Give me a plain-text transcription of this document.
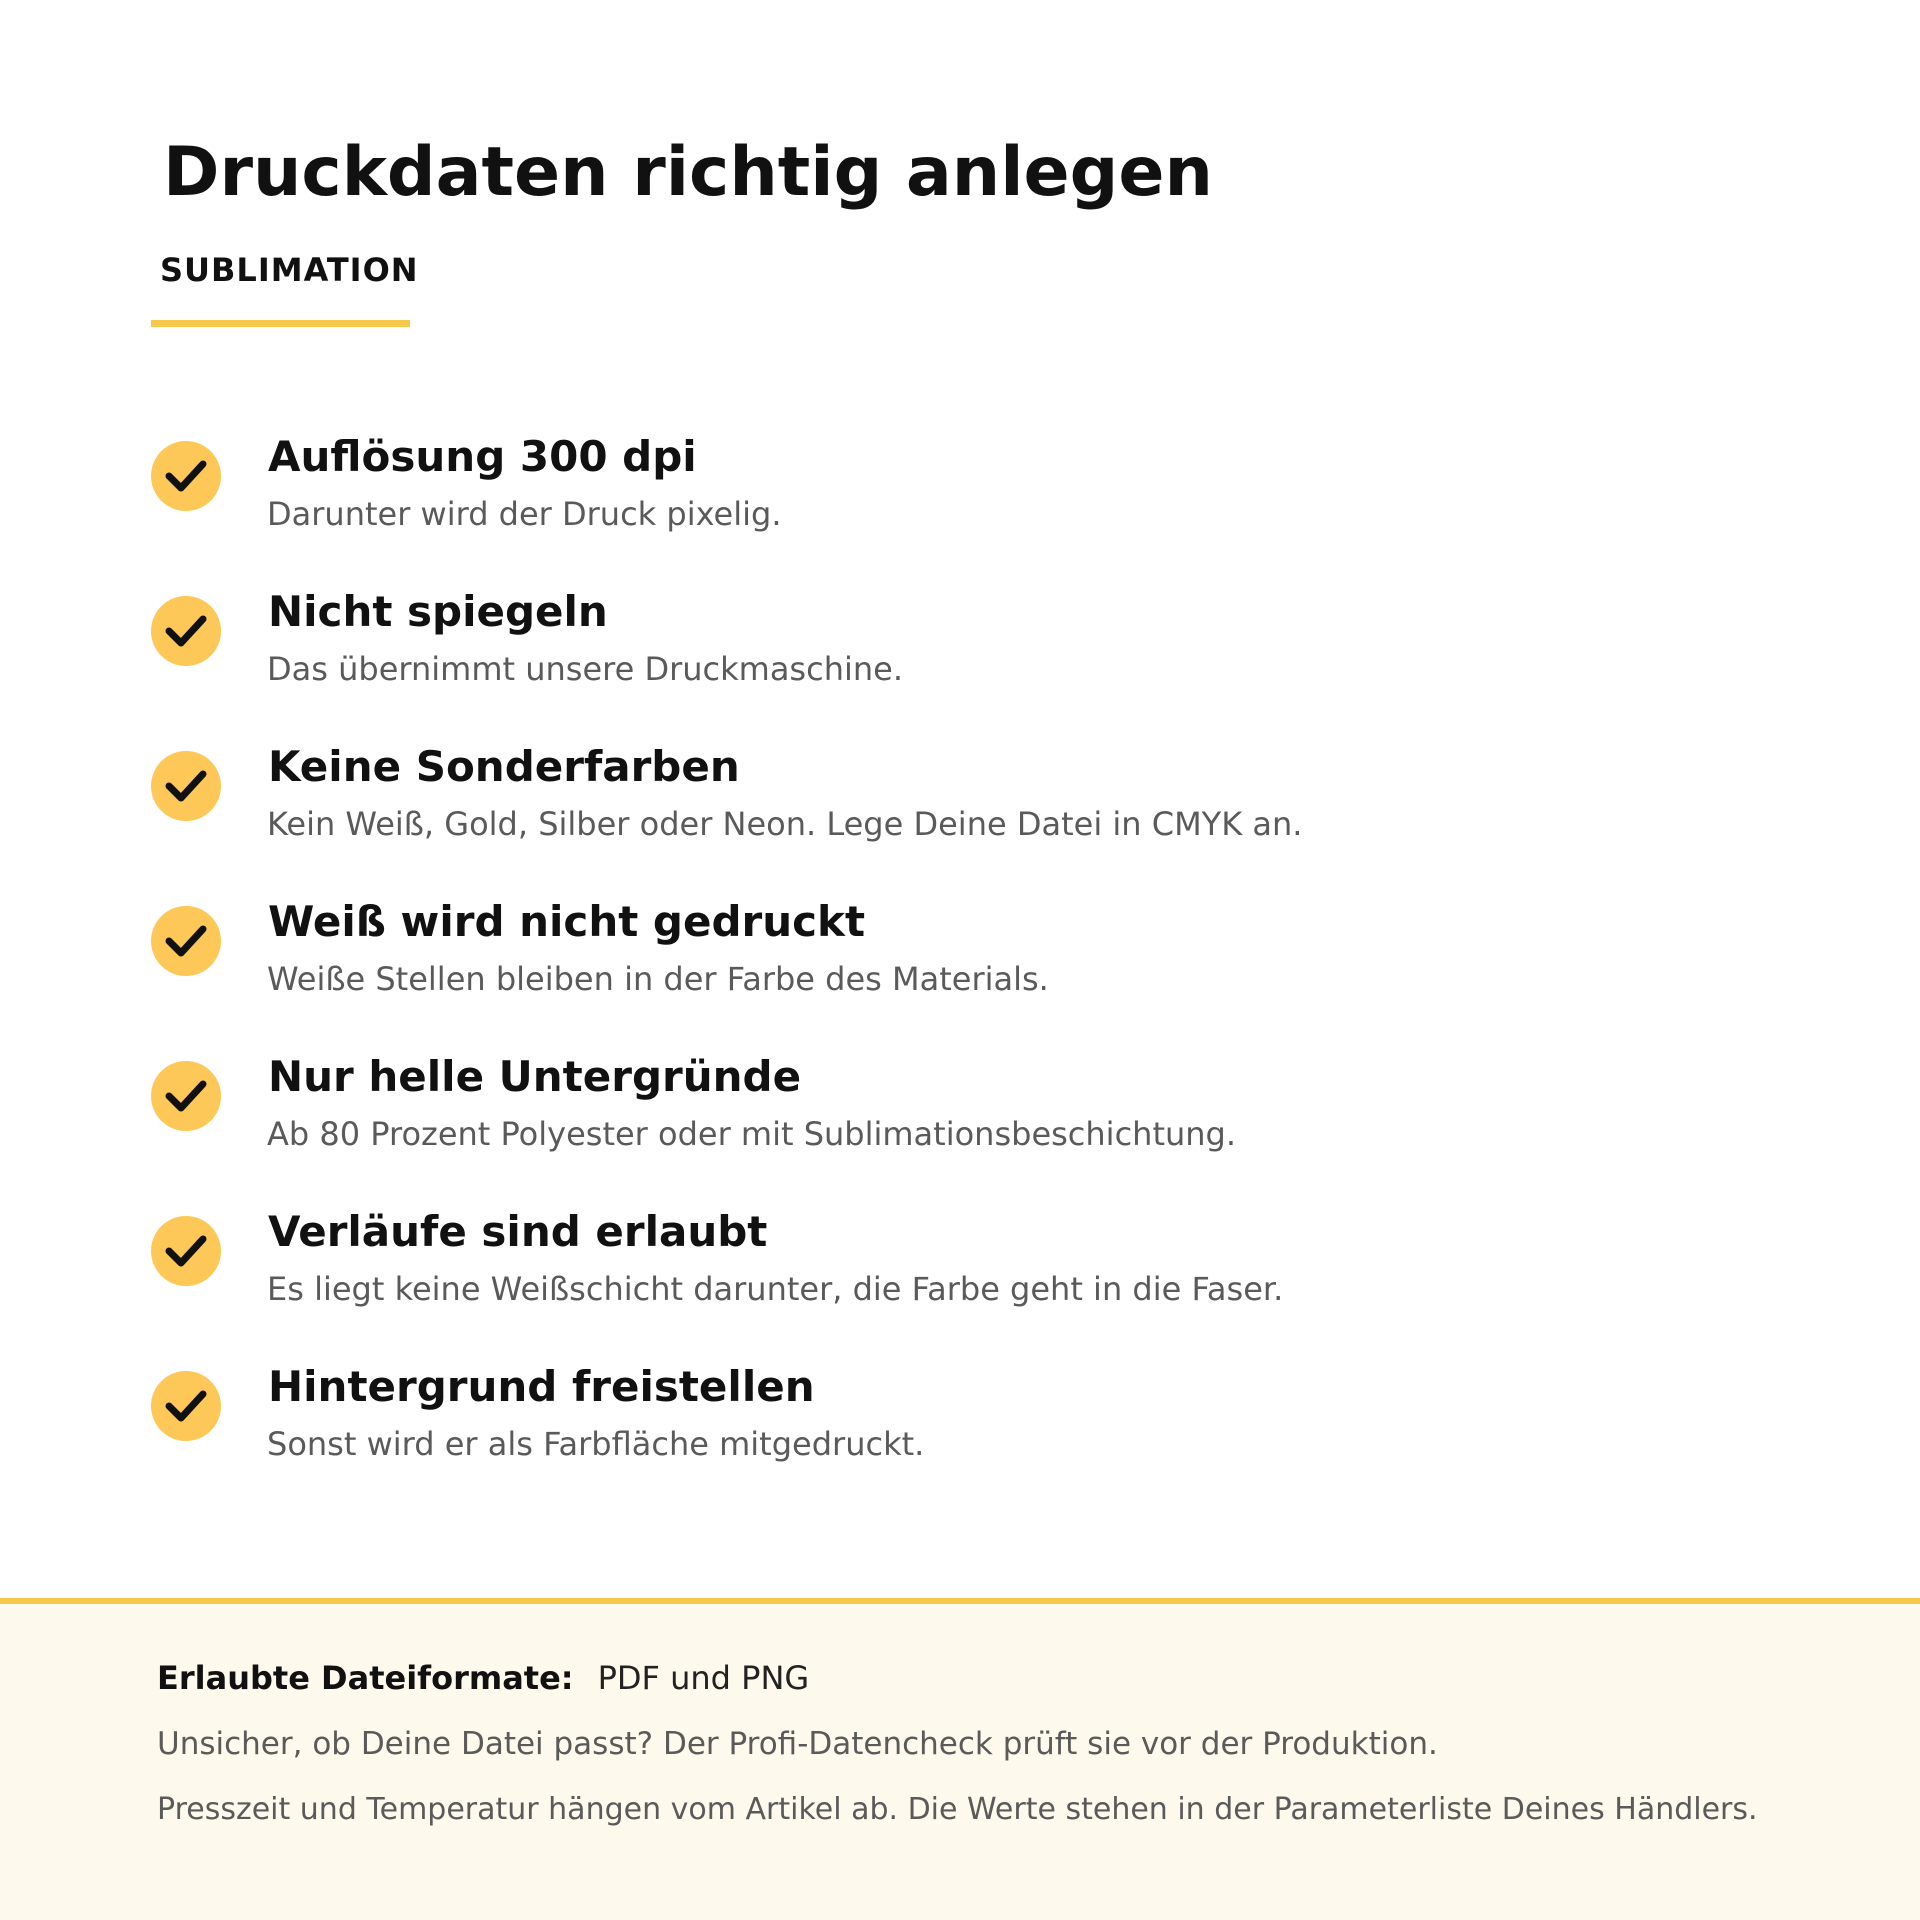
Druckdaten richtig anlegen
SUBLIMATION
Auflösung 300 dpi
Darunter wird der Druck pixelig.
Nicht spiegeln
Das übernimmt unsere Druckmaschine.
Keine Sonderfarben
Kein Weiß, Gold, Silber oder Neon. Lege Deine Datei in CMYK an.
Weiß wird nicht gedruckt
Weiße Stellen bleiben in der Farbe des Materials.
Nur helle Untergründe
Ab 80 Prozent Polyester oder mit Sublimationsbeschichtung.
Verläufe sind erlaubt
Es liegt keine Weißschicht darunter, die Farbe geht in die Faser.
Hintergrund freistellen
Sonst wird er als Farbfläche mitgedruckt.
Erlaubte Dateiformate: PDF und PNG
Unsicher, ob Deine Datei passt? Der Profi-Datencheck prüft sie vor der Produktion.
Presszeit und Temperatur hängen vom Artikel ab. Die Werte stehen in der Parameterliste Deines Händlers.
